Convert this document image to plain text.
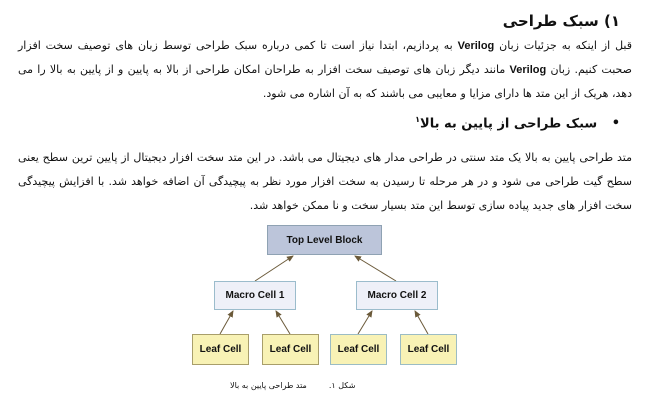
۱) سبک طراحی
قبل از اینکه به جزئیات زبان Verilog به پردازیم، ابتدا نیاز است تا کمی درباره سبک طراحی توسط زبان های توصیف سخت افزار صحبت کنیم. زبان Verilog مانند دیگر زبان های توصیف سخت افزار به طراحان امکان طراحی از بالا به پایین و از پایین به بالا را می دهد، هریک از این متد ها دارای مزایا و معایبی می باشند که به آن اشاره می شود.
• سبک طراحی از پایین به بالا$^۱$
متد طراحی پایین به بالا یک متد سنتی در طراحی مدار های دیجیتال می باشد. در این متد سخت افزار دیجیتال از پایین ترین سطح یعنی سطح گیت طراحی می شود و در هر مرحله تا رسیدن به سخت افزار مورد نظر به پیچیدگی آن اضافه خواهد شد. با افزایش پیچیدگی سخت افزار های جدید پیاده سازی توسط این متد بسیار سخت و نا ممکن خواهد شد.
Top Level Block
Macro Cell 1	Macro Cell 2
Leaf Cell	Leaf Cell	Leaf Cell	Leaf Cell
شکل ۱.
متد طراحی پایین به بالا
